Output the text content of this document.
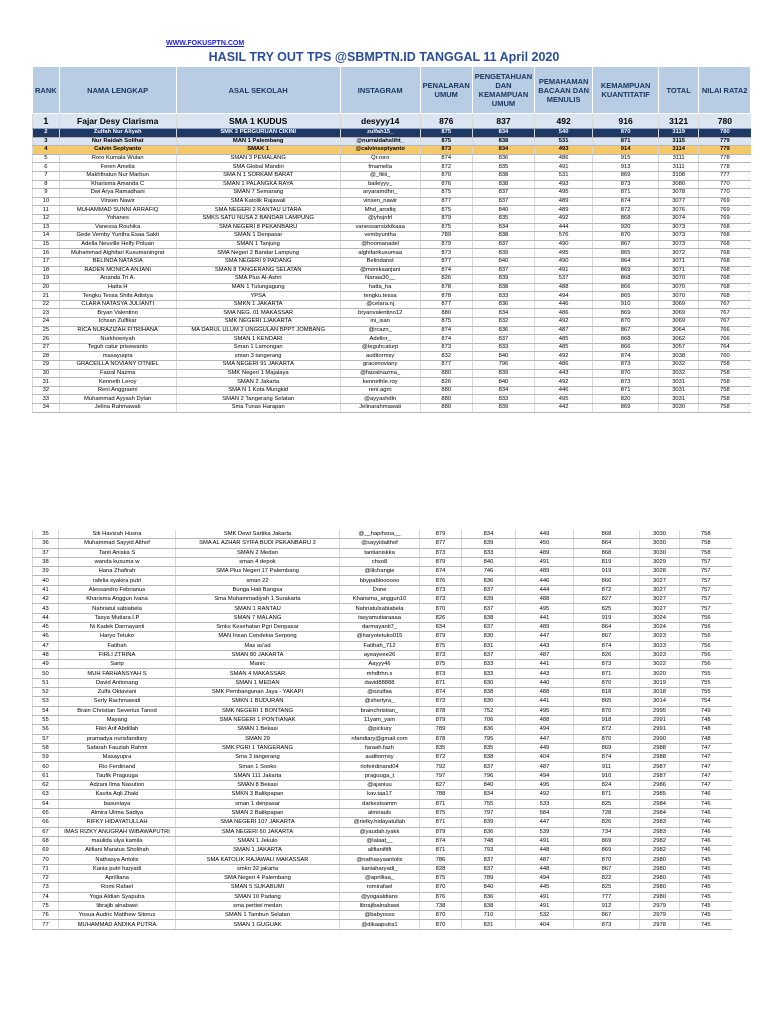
WWW.FOKUSPTN.COM
HASIL TRY OUT TPS @SBMPTN.ID TANGGAL 11 April 2020
RANK	NAMA LENGKAP	ASAL SEKOLAH	INSTAGRAM	PENALARAN UMUM	PENGETAHUAN DAN KEMAMPUAN UMUM	PEMAHAMAN BACAAN DAN MENULIS	KEMAMPUAN KUANTITATIF	TOTAL	NILAI RATA2
1	Fajar Desy Clarisma	SMA 1 KUDUS	desyyy14	876	837	492	916	3121	780
2	Zulfah Nur Aliyah	SMK 3 PERGURUAN CIKINI	zulfah15_	875	834	540	870	3119	780
3	Nur Raidah Solihat	MAN 1 Palembang	@nurraidahsliht_	875	838	531	871	3115	779
4	Calvin Septyanto	SMAK 1	@calvinseptyanto	873	834	493	914	3114	779
5	Roro Kumala Wulan	SMAN 3 PEMALANG	Qr.roro	874	836	486	915	3111	778
6	Feren Amelia	SMA Global Mandiri	fmamelia	872	835	491	913	3111	778
7	Makhfiratun Nur Marbun	SMA N 1 SORKAM BARAT	@_fiiiii_	870	838	531	869	3108	777
8	Kharisma Amanda C	SMAN 1 PALANGKA RAYA	baileyyy_	876	838	493	873	3080	770
9	Dwi Arya Ramadhani	SMAN 7 Semarang	aryaramdhn_	875	837	495	871	3078	770
10	Vinsen Nawir	SMA Katolik Rajawali	vinsen_nawir	877	837	489	874	3077	769
11	MUHAMMAD SUNNI ARRAFIQ	SMA NEGERI 2 RANTAU UTARA	Mhd_arrafiq	875	840	489	872	3076	769
12	Yohanes	SMKS SATU NUSA 2 BANDAR LAMPUNG	@yhsjnfrl	879	835	492	868	3074	769
13	Vanessa Rouhika	SMA NEGERI 8 PEKANBARU	vanessarrsizkikaaa	875	834	444	920	3073	768
14	Gede Vemby Yuntha Esaa Sakti	SMAN 1 Denpasar	vembyuntha	789	838	576	870	3073	768
15	Adella Neuville Helfy Poluan	SMAN 1 Tanjung	@hoomanadel	879	837	490	867	3073	768
16	Muhammad Alghifari Kusumaningrat	SMA Negeri 2 Bandar Lampung	alghifarikusumaa	873	839	495	865	3072	768
17	BELINDA NATASIA	SMA NEGERI 9 PADANG	Belindanst	877	840	490	864	3071	768
18	RADEN MONICA ANJANI	SMAN 8 TANGERANG SELATAN	@monikaanjani	874	837	491	869	3071	768
19	Ananda Tri A.	SMA Plus Al-Ashri	Nanaa30__	826	839	537	868	3070	768
20	Hatta H	MAN 1 Tulungagung	hatta_ha	878	838	488	866	3070	768
21	Tengku Tessa Shifa Adistya	YPSA	tengku.tessa	878	833	494	865	3070	768
22	CLARA NATASYA JULIANTI	SMKN 1 JAKARTA	@celara.nj	877	836	446	910	3069	767
23	Bryan Valentino	SMA NEG. 01 MAKASSAR	bryanvalentino12	880	834	486	869	3069	767
24	Ichsan Zulfikar	SMK NEGERI 1JAKARTA	ini_isan	875	832	492	870	3069	767
25	RICA NURAZIZAH FITRIHANA	MA DARUL ULUM 2 UNGGULAN BPPT JOMBANG	@rcazn_	874	836	487	867	3064	766
26	Nurkhoeriyah	SMAN 1 KENDARI	Adellnr_	874	837	485	868	3062	766
27	Teguh catur prisewanto	Sman 1 Lamongan	@teguhcaturp	873	833	485	866	3057	764
28	masayuqira	sman 3 tangerang	auditormsy	832	840	492	874	3038	760
29	GRACEILLA NOVIANY OTNIEL	SMA NEGERI 91 JAKARTA	gracenoviany	877	796	486	873	3032	758
30	Faizal Nazma	SMK Negeri 1 Majalaya	@faizalnazma_	880	839	443	870	3032	758
31	Kenneth Leroy	SMAN 2 Jakarta	kennethle.roy	826	840	492	873	3031	758
32	Reni Anggraeni	SMA N 1 Kota Mungkid	reni.agrn	880	834	446	871	3031	758
33	Muhammad Ayyash Dylan	SMAN 2 Tangerang Selatan	@ayyashdln	880	833	495	820	3031	758
34	Jelina Rahmawati	Sma Tunas Harapan	Jelinarahmawati	880	839	442	869	3030	758
35	Siti Havizah Husna	SMK Dewi Sartika Jakarta	@__hapihsna__	879	834	449	868	3030	758
36	Muhammad Sayyid Althof	SMA AL AZHAR SYIFA BUDI PEKANBARU 2	@sayyidalthof	877	839	450	864	3030	758
37	Tanti Aniska S	SMAN 2 Medan	tantianiskka	873	833	489	868	3030	758
38	wanda kusuma w	sman 4 depok	chso8	879	840	491	819	3029	757
39	Hana Zhafirah	SMA Plus Negeri 17 Palembang	@lilchangie	874	746	489	919	3028	757
40	rafelia syakira putri	sman 22	bbypabloooooo	876	836	446	866	3027	757
41	Alessandro Febrianus	Bunga Hati Bangsa	Done	873	837	444	872	3027	757
42	Kharisma Anggun Ivana	Sma Muhammadiyah 1 Surakarta	Kharisma_anggun10	873	839	488	827	3027	757
43	Nahriatul sabiabela	SMAN 1 RANTAU	Nahriatulsabiabela	870	837	495	825	3027	757
44	Tasya Mutiara.I.P	SMAN 7 MALANG	tasyamutiaraaaa	826	838	441	919	3024	756
45	Ni Kadek Darmayanti	Smks Kesehatan Pgri Denpasar	darmayanti7_	834	837	489	864	3024	756
46	Haryo Tetuko	MAN Insan Cendekia Serpong	@haryotetuko015	879	830	447	867	3023	756
47	Fatihah	Mas as'ad	Fatihah_712	875	831	443	874	3023	756
48	FIRLI ZTRINA	SMAN 80 JAKARTA	ayeayeee26	873	837	487	826	3023	756
49	Sarip	Manic	Aayyy46	875	833	441	873	3022	756
50	MUH FARHANSYAH S	SMAN 4 MAKASSAR	mhdfrhn.s	873	833	443	871	3020	755
51	David Anitonang	SMAN 1 MEDAN	david88888	871	830	440	870	3019	755
52	Zulfa Oktaviani	SMK Pembangunan Jaya - YAKAPI	@ozulfaa	874	838	488	818	3018	755
53	Serly Rachmawati	SMKN 1 BUDURAN	@sherlyra_	873	830	441	865	3014	754
54	Brain Christian Severius Tanod	SMK NEGERI 1 BONTANG	brainchristian_	878	752	495	870	2995	749
55	Mayang	SMA NEGERI 1 PONTIANAK	11yam_yam	879	706	488	918	2991	748
56	Fikri Arif Abdillah	SMAN 1 Bekasi	@pickury	789	836	494	872	2991	748
57	pramadya nurisfandiary	SMAN 29	nfandiary@gmail.com	878	795	447	870	2990	748
58	Safarah Fauziah Rahmi	SMK PGRI 1 TANGERANG	faraah.fazh	835	835	449	869	2988	747
59	Masayupra	Sma 3 tangerang	auditormsy	872	838	404	874	2988	747
60	Rio Ferdinand	Sman 1 Sooko	riofeirdinand04	792	837	487	911	2987	747
61	Taufik Praguuga	SMAN 111 Jakarta	praguuga_t	797	796	494	910	2987	747
62	Adzani Ilma Nasution	SMAN 8 Bekasi	@ajaniuu	827	840	495	824	2986	747
63	Kavita Aqli Zhaki	SMKN 3 Balikpapan	kav.taa17	788	834	492	871	2985	746
64	basuniaya	sman 1 denpasar	darkestsamm	871	755	533	825	2984	746
65	Almira Ulima Sadiya	SMAN 2 Balikpapan	almirauls	875	797	584	728	2984	746
66	RIFKY HIDAYATULLAH	SMA NEGERI 107 JAKARTA	@rielky.hidayatullah	871	839	447	826	2983	746
67	IMAS RIZKY ANUGRAH WIBAWAPUTRI	SMA NEGERI 60 JAKARTA	@yaudah.iyakk	879	836	539	734	2983	746
68	maulida ulya kamila	SMAN 1 Jekulo	@lalaat__	874	748	491	869	2982	746
69	Alifiani Maratus Sholihah	SMAN 1 JAKARTA	alifianifiifi	871	793	448	869	2982	746
70	Nathasya Antolis	SMA KATOLIK RAJAWALI MAKASSAR	@nathasyaantolis	786	837	487	870	2980	745
71	Kania putri haryadi	smkn 32 jakarta	kaniaharyadi_	828	837	448	867	2980	745
72	Aprilliana	SMA Negeri 4 Palembang	@aprilliaa_	875	789	494	822	2980	745
73	Romi Rafael	SMAN 5 SUKABUMI	romirafael	870	840	445	825	2980	745
74	Yoga Aldian Syaputra	SMAN 10 Padang	@yogaaldians	876	836	491	777	2980	745
75	librajib alnabawi	sma pertiwi medan	librajibalnabawi	738	838	491	912	2979	745
76	Yosua Audric Matthew Sitorus	SMAN 1 Tambun Selatan	@babyosss	870	710	532	867	2979	745
77	MUHAMMAD ANDIKA PUTRA	SMAN 1 GUGUAK	@dikaaputra1	870	831	404	873	2978	745
